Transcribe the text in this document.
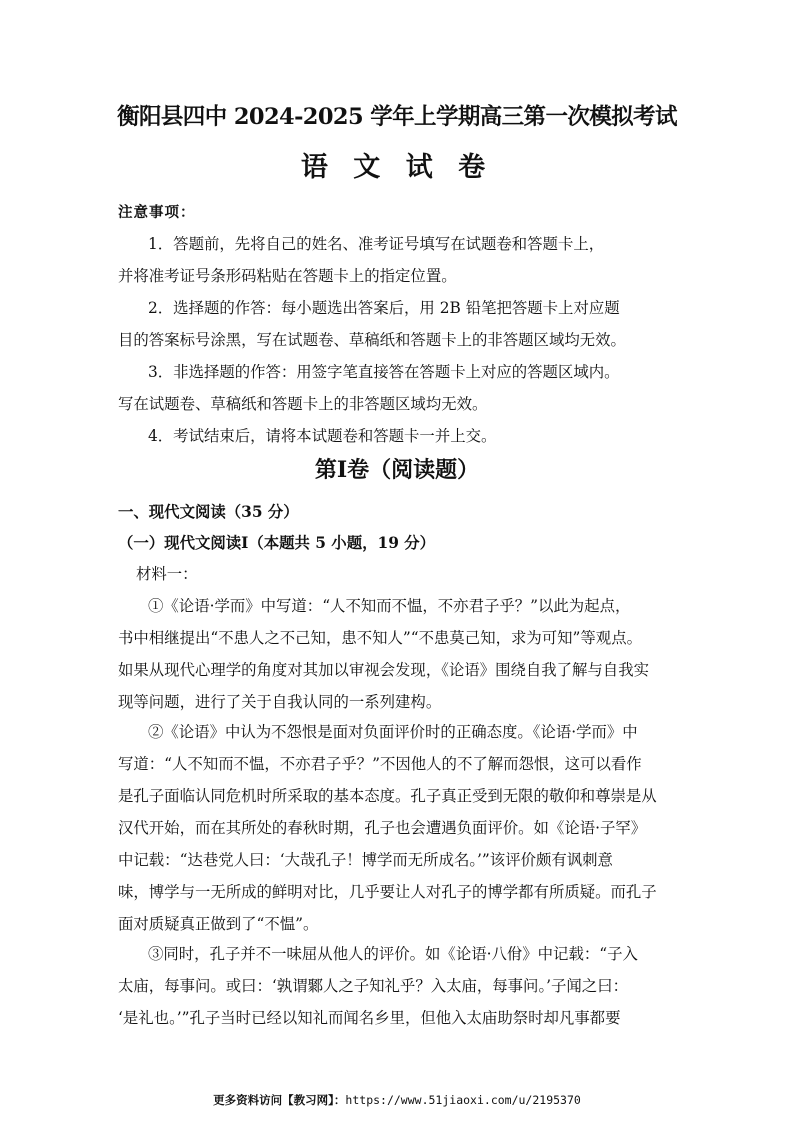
衡阳县四中 2024-2025 学年上学期高三第一次模拟考试
语 文 试 卷
注意事项：
1．答题前，先将自己的姓名、准考证号填写在试题卷和答题卡上，
并将准考证号条形码粘贴在答题卡上的指定位置。
2．选择题的作答：每小题选出答案后，用 2B 铅笔把答题卡上对应题
目的答案标号涂黑，写在试题卷、草稿纸和答题卡上的非答题区域均无效。
3．非选择题的作答：用签字笔直接答在答题卡上对应的答题区域内。
写在试题卷、草稿纸和答题卡上的非答题区域均无效。
4．考试结束后，请将本试题卷和答题卡一并上交。
第Ⅰ卷（阅读题）
一、现代文阅读（35 分）
（一）现代文阅读Ⅰ（本题共 5 小题，19 分）
材料一：
①《论语·学而》中写道：“人不知而不愠，不亦君子乎？”以此为起点，
书中相继提出“不患人之不己知，患不知人”“不患莫己知，求为可知”等观点。
如果从现代心理学的角度对其加以审视会发现，《论语》围绕自我了解与自我实
现等问题，进行了关于自我认同的一系列建构。
②《论语》中认为不怨恨是面对负面评价时的正确态度。《论语·学而》中
写道：“人不知而不愠，不亦君子乎？”不因他人的不了解而怨恨，这可以看作
是孔子面临认同危机时所采取的基本态度。孔子真正受到无限的敬仰和尊崇是从
汉代开始，而在其所处的春秋时期，孔子也会遭遇负面评价。如《论语·子罕》
中记载：“达巷党人曰：‘大哉孔子！博学而无所成名。’”该评价颇有讽刺意
味，博学与一无所成的鲜明对比，几乎要让人对孔子的博学都有所质疑。而孔子
面对质疑真正做到了“不愠”。
③同时，孔子并不一味屈从他人的评价。如《论语·八佾》中记载：“子入
太庙，每事问。或曰：‘孰谓鄹人之子知礼乎？入太庙，每事问。’子闻之曰：
‘是礼也。’”孔子当时已经以知礼而闻名乡里，但他入太庙助祭时却凡事都要
更多资料访问【教习网】：https://www.51jiaoxi.com/u/2195370
